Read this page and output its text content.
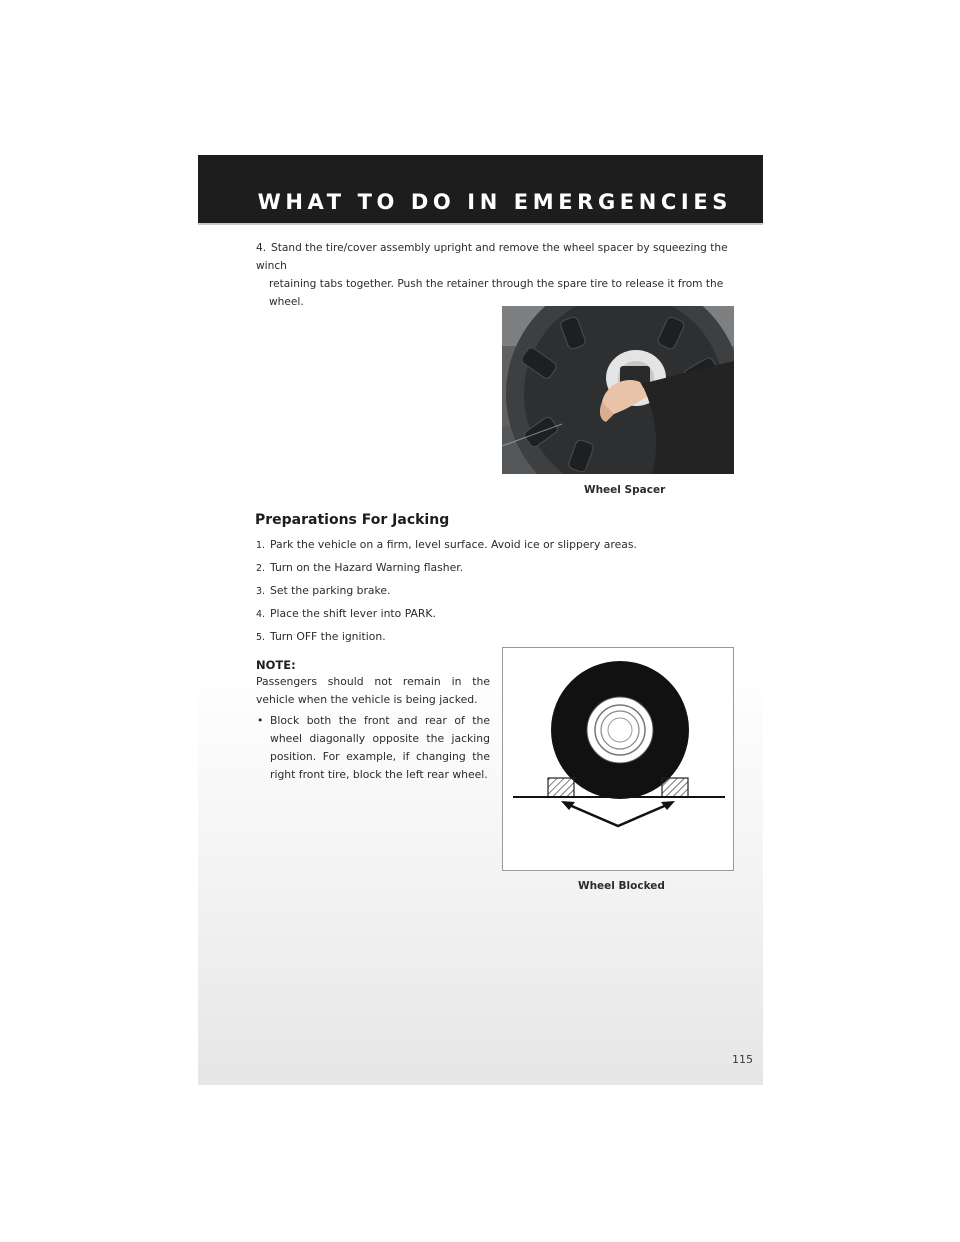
WHAT TO DO IN EMERGENCIES
4. Stand the tire/cover assembly upright and remove the wheel spacer by squeezing the winch
retaining tabs together. Push the retainer through the spare tire to release it from the wheel.
Wheel Spacer
Preparations For Jacking
1. Park the vehicle on a firm, level surface. Avoid ice or slippery areas.
2. Turn on the Hazard Warning flasher.
3. Set the parking brake.
4. Place the shift lever into PARK.
5. Turn OFF the ignition.
NOTE:
Passengers should not remain in the vehicle when the vehicle is being jacked.
• Block both the front and rear of the wheel diagonally opposite the jacking position. For example, if changing the right front tire, block the left rear wheel.
Wheel Blocked
115
